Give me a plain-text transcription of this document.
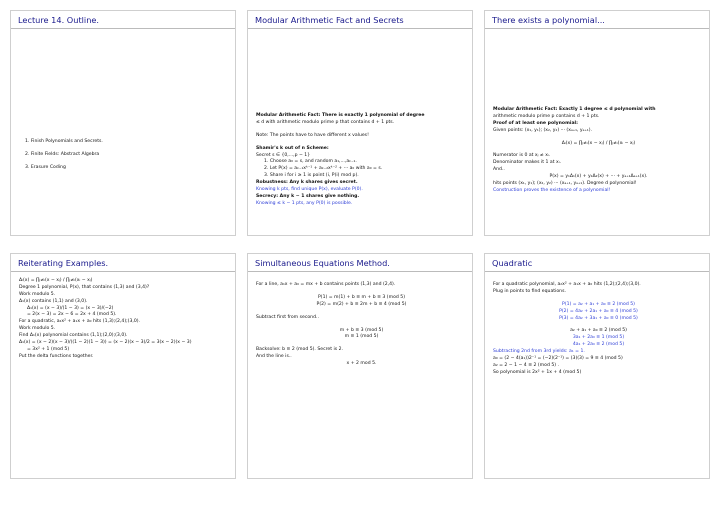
Lecture 14. Outline.
1. Finish Polynomials and Secrets.
2. Finite Fields: Abstract Algebra
3. Erasure Coding
Modular Arithmetic Fact and Secrets
Modular Arithmetic Fact: There is exactly 1 polynomial of degree
≤ d with arithmetic modulo prime p that contains d + 1 pts.
Note: The points have to have different x values!
Shamir's k out of n Scheme:
Secret s ∈ {0,...,p − 1}
1. Choose a₀ = s, and random a₁,...,aₖ₋₁.
2. Let P(x) = aₖ₋₁xᵏ⁻¹ + aₖ₋₂xᵏ⁻² + ··· a₀ with a₀ = s.
3. Share i for i ≥ 1 is point (i, P(i) mod p).
Robustness: Any k shares gives secret.
Knowing k pts, find unique P(x), evaluate P(0).
Secrecy: Any k − 1 shares give nothing.
Knowing ≤ k − 1 pts, any P(0) is possible.
There exists a polynomial...
Modular Arithmetic Fact: Exactly 1 degree ≤ d polynomial with
arithmetic modulo prime p contains d + 1 pts.
Proof of at least one polynomial:
Given points: (x₁, y₁); (x₂, y₂) ··· (xₐ₊₁, yₐ₊₁).
Δᵢ(x) = ∏ⱼ≠ᵢ(x − xⱼ) / ∏ⱼ≠ᵢ(xᵢ − xⱼ)
Numerator is 0 at xⱼ ≠ xᵢ.
Denominator makes it 1 at xᵢ.
And..
P(x) = y₁Δ₁(x) + y₂Δ₂(x) + ··· + yₐ₊₁Δₐ₊₁(x).
hits points (x₁, y₁); (x₂, y₂) ··· (xₐ₊₁, yₐ₊₁). Degree d polynomial!
Construction proves the existence of a polynomial!
Reiterating Examples.
Δᵢ(x) = ∏ⱼ≠ᵢ(x − xⱼ) / ∏ⱼ≠ᵢ(xᵢ − xⱼ)
Degree 1 polynomial, P(x), that contains (1,3) and (3,4)?
Work modulo 5.
Δ₁(x) contains (1,1) and (3,0).
Δ₁(x) = (x − 3)/(1 − 3) = (x − 3)/(−2)
= 2(x − 3) = 2x − 6 = 2x + 4 (mod 5).
For a quadratic, a₂x² + a₁x + a₀ hits (1,3);(2,4);(3,0).
Work modulo 5.
Find Δ₁(x) polynomial contains (1,1);(2,0);(3,0).
Δ₁(x) = (x − 2)(x − 3)/((1 − 2)(1 − 3)) = (x − 2)(x − 3)/2 = 3(x − 2)(x − 3)
= 3x² + 1 (mod 5)
Put the delta functions together.
Simultaneous Equations Method.
For a line, a₁x + a₀ = mx + b contains points (1,3) and (2,4).
P(1) = m(1) + b ≡ m + b ≡ 3 (mod 5)
P(2) = m(2) + b ≡ 2m + b ≡ 4 (mod 5)
Subtract first from second..
m + b ≡ 3 (mod 5)
m ≡ 1 (mod 5)
Backsolve: b ≡ 2 (mod 5). Secret is 2.
And the line is..
x + 2 mod 5.
Quadratic
For a quadratic polynomial, a₂x² + a₁x + a₀ hits (1,2);(2,4);(3,0).
Plug in points to find equations.
P(1) = a₂ + a₁ + a₀ ≡ 2 (mod 5)
P(2) = 4a₂ + 2a₁ + a₀ ≡ 4 (mod 5)
P(3) = 4a₂ + 3a₁ + a₀ ≡ 0 (mod 5)
a₂ + a₁ + a₀ ≡ 2 (mod 5)
3a₁ + 2a₀ ≡ 1 (mod 5)
4a₁ + 2a₀ ≡ 2 (mod 5)
Subtracting 2nd from 3rd yields: a₁ = 1.
a₀ = (2 − 4(a₁))2⁻¹ = (−2)(2⁻¹) = (3)(3) = 9 ≡ 4 (mod 5)
a₂ = 2 − 1 − 4 ≡ 2 (mod 5) .
So polynomial is 2x² + 1x + 4 (mod 5)
